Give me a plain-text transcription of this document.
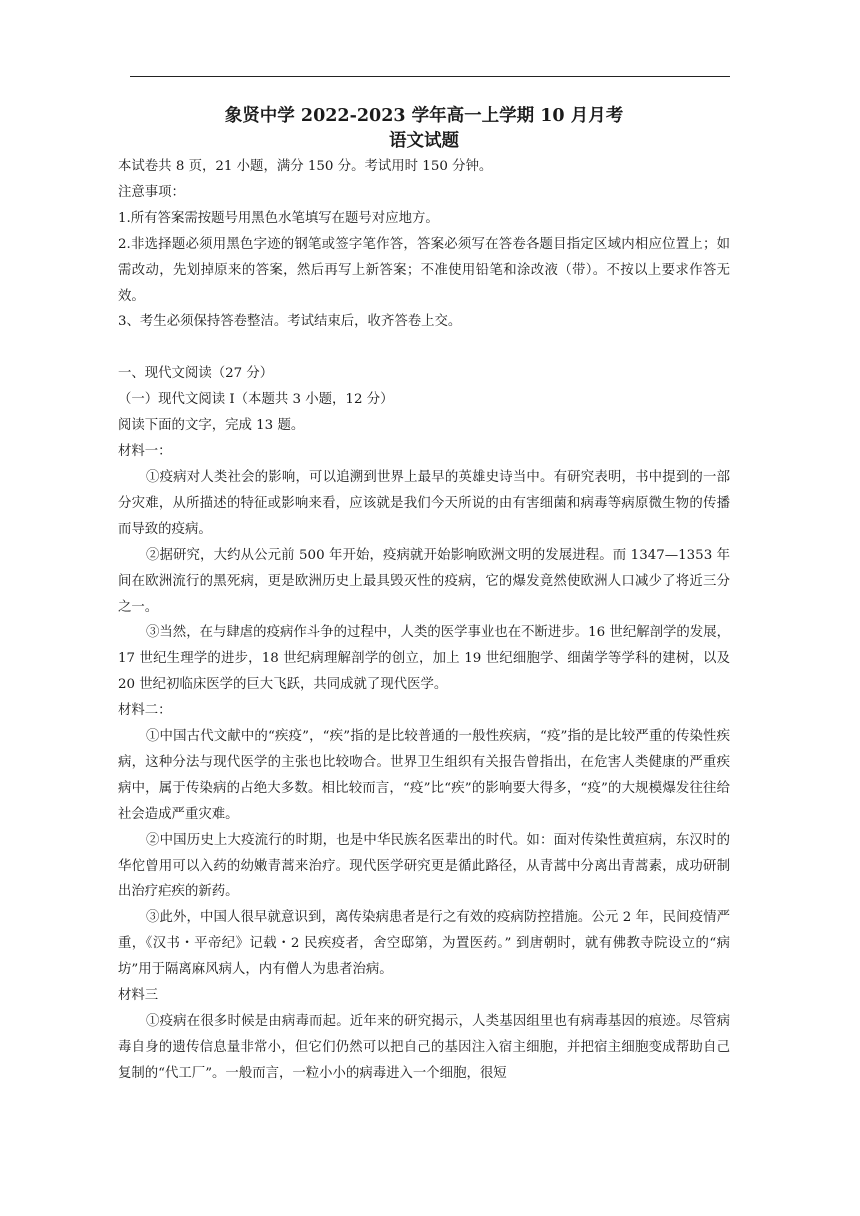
象贤中学 2022-2023 学年高一上学期 10 月月考

语文试题

本试卷共 8 页，21 小题，满分 150 分。考试用时 150 分钟。

注意事项：

1.所有答案需按题号用黑色水笔填写在题号对应地方。

2.非选择题必须用黑色字迹的钢笔或签字笔作答，答案必须写在答卷各题目指定区域内相应位置上；如需改动，先划掉原来的答案，然后再写上新答案；不准使用铅笔和涂改液（带）。不按以上要求作答无效。

3、考生必须保持答卷整洁。考试结束后，收齐答卷上交。

一、现代文阅读（27 分）

（一）现代文阅读 I（本题共 3 小题，12 分）

阅读下面的文字，完成 13 题。

材料一：

①疫病对人类社会的影响，可以追溯到世界上最早的英雄史诗当中。有研究表明，书中提到的一部分灾难，从所描述的特征或影响来看，应该就是我们今天所说的由有害细菌和病毒等病原微生物的传播而导致的疫病。

②据研究，大约从公元前 500 年开始，疫病就开始影响欧洲文明的发展进程。而 1347—1353 年间在欧洲流行的黑死病，更是欧洲历史上最具毁灭性的疫病，它的爆发竟然使欧洲人口减少了将近三分之一。

③当然，在与肆虐的疫病作斗争的过程中，人类的医学事业也在不断进步。16 世纪解剖学的发展，17 世纪生理学的进步，18 世纪病理解剖学的创立，加上 19 世纪细胞学、细菌学等学科的建树，以及 20 世纪初临床医学的巨大飞跃，共同成就了现代医学。

材料二：

①中国古代文献中的“疾疫”，“疾”指的是比较普通的一般性疾病，“疫”指的是比较严重的传染性疾病，这种分法与现代医学的主张也比较吻合。世界卫生组织有关报告曾指出，在危害人类健康的严重疾病中，属于传染病的占绝大多数。相比较而言，“疫”比“疾”的影响要大得多，“疫”的大规模爆发往往给社会造成严重灾难。

②中国历史上大疫流行的时期，也是中华民族名医辈出的时代。如：面对传染性黄疸病，东汉时的华佗曾用可以入药的幼嫩青蒿来治疗。现代医学研究更是循此路径，从青蒿中分离出青蒿素，成功研制出治疗疟疾的新药。

③此外，中国人很早就意识到，离传染病患者是行之有效的疫病防控措施。公元 2 年，民间疫情严重，《汉书・平帝纪》记载・2 民疾疫者，舍空邸第，为置医药。” 到唐朝时，就有佛教寺院设立的“病坊”用于隔离麻风病人，内有僧人为患者治病。

材料三

①疫病在很多时候是由病毒而起。近年来的研究揭示，人类基因组里也有病毒基因的痕迹。尽管病毒自身的遗传信息量非常小，但它们仍然可以把自己的基因注入宿主细胞，并把宿主细胞变成帮助自己复制的“代工厂”。一般而言，一粒小小的病毒进入一个细胞，很短
